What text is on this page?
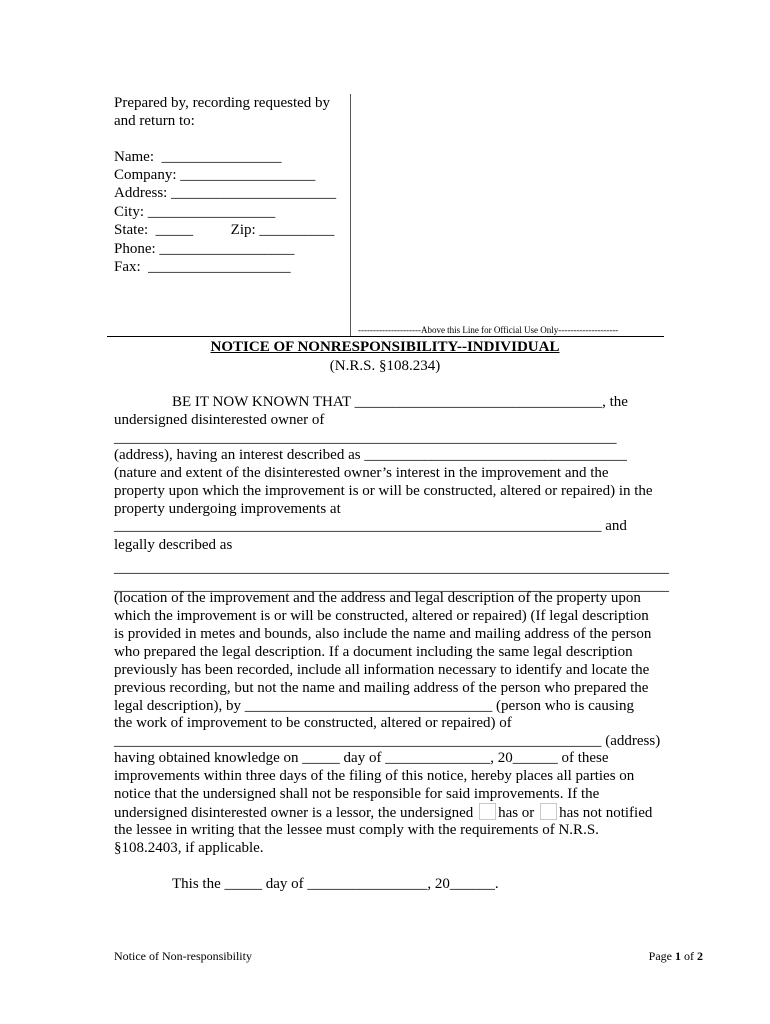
Prepared by, recording requested by
and return to:
Name:  ________________
Company: __________________
Address: ______________________
City: _________________
State:  _____          Zip: __________
Phone: __________________
Fax:  ___________________
---------------------Above this Line for Official Use Only--------------------
NOTICE OF NONRESPONSIBILITY--INDIVIDUAL
(N.R.S. §108.234)
BE IT NOW KNOWN THAT _________________________________, the
undersigned disinterested owner of
___________________________________________________________________
(address), having an interest described as ___________________________________
(nature and extent of the disinterested owner’s interest in the improvement and the
property upon which the improvement is or will be constructed, altered or repaired) in the
property undergoing improvements at
_________________________________________________________________ and
legally described as
__________________________________________________________________________
__________________________________________________________________________
(location of the improvement and the address and legal description of the property upon
which the improvement is or will be constructed, altered or repaired) (If legal description
is provided in metes and bounds, also include the name and mailing address of the person
who prepared the legal description. If a document including the same legal description
previously has been recorded, include all information necessary to identify and locate the
previous recording, but not the name and mailing address of the person who prepared the
legal description), by _________________________________ (person who is causing
the work of improvement to be constructed, altered or repaired) of
_________________________________________________________________ (address)
having obtained knowledge on _____ day of ______________, 20______ of these
improvements within three days of the filing of this notice, hereby places all parties on
notice that the undersigned shall not be responsible for said improvements. If the
undersigned disinterested owner is a lessor, the undersigned has or has not notified
the lessee in writing that the lessee must comply with the requirements of N.R.S.
§108.2403, if applicable.
This the _____ day of ________________, 20______.
Notice of Non-responsibility	Page 1 of 2
